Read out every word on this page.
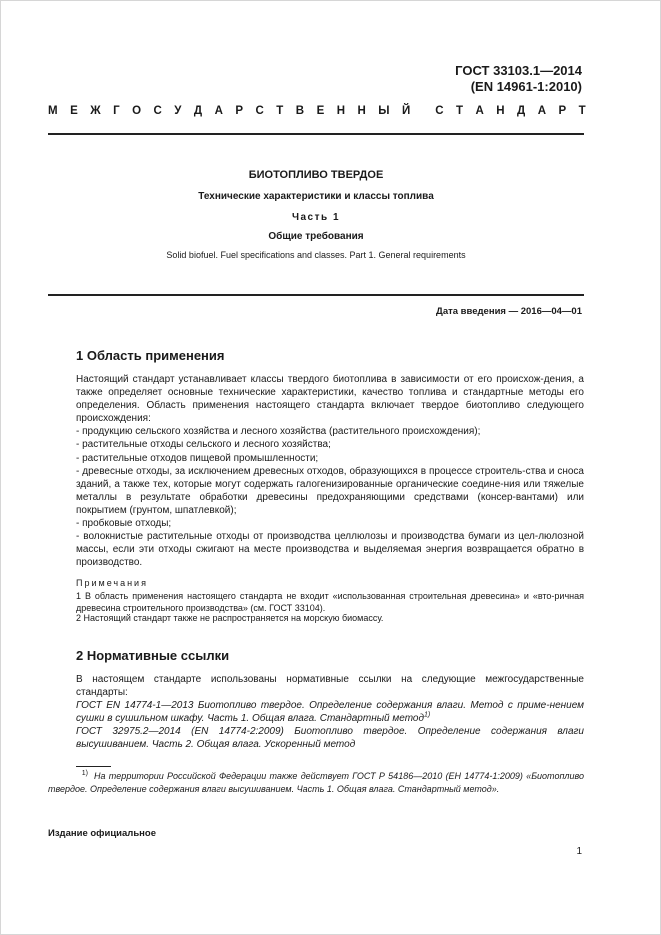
ГОСТ 33103.1—2014
(EN 14961-1:2010)
М Е Ж Г О С У Д А Р С Т В Е Н Н Ы Й С Т А Н Д А Р Т
БИОТОПЛИВО ТВЕРДОЕ
Технические характеристики и классы топлива
Часть 1
Общие требования
Solid biofuel. Fuel specifications and classes. Part 1. General requirements
Дата введения — 2016—04—01
1 Область применения
Настоящий стандарт устанавливает классы твердого биотоплива в зависимости от его происхож-дения, а также определяет основные технические характеристики, качество топлива и стандартные методы его определения. Область применения настоящего стандарта включает твердое биотопливо следующего происхождения:
- продукцию сельского хозяйства и лесного хозяйства (растительного происхождения);
- растительные отходы сельского и лесного хозяйства;
- растительные отходов пищевой промышленности;
- древесные отходы, за исключением древесных отходов, образующихся в процессе строитель-ства и сноса зданий, а также тех, которые могут содержать галогенизированные органические соедине-ния или тяжелые металлы в результате обработки древесины предохраняющими средствами (консер-вантами) или покрытием (грунтом, шпатлевкой);
- пробковые отходы;
- волокнистые растительные отходы от производства целлюлозы и производства бумаги из цел-люлозной массы, если эти отходы сжигают на месте производства и выделяемая энергия возвращается обратно в производство.
Примечания
1 В область применения настоящего стандарта не входит «использованная строительная древесина» и «вто-ричная древесина строительного производства» (см. ГОСТ 33104).
2 Настоящий стандарт также не распространяется на морскую биомассу.
2 Нормативные ссылки
В настоящем стандарте использованы нормативные ссылки на следующие межгосударственные стандарты:
ГОСТ EN 14774-1—2013 Биотопливо твердое. Определение содержания влаги. Метод с приме-нением сушки в сушильном шкафу. Часть 1. Общая влага. Стандартный метод$^{1)}$
ГОСТ 32975.2—2014 (EN 14774-2:2009) Биотопливо твердое. Определение содержания влаги высушиванием. Часть 2. Общая влага. Ускоренный метод
$^{1)}$ На территории Российской Федерации также действует ГОСТ Р 54186—2010 (ЕН 14774-1:2009) «Биотопливо твердое. Определение содержания влаги высушиванием. Часть 1. Общая влага. Стандартный метод».
Издание официальное
1
